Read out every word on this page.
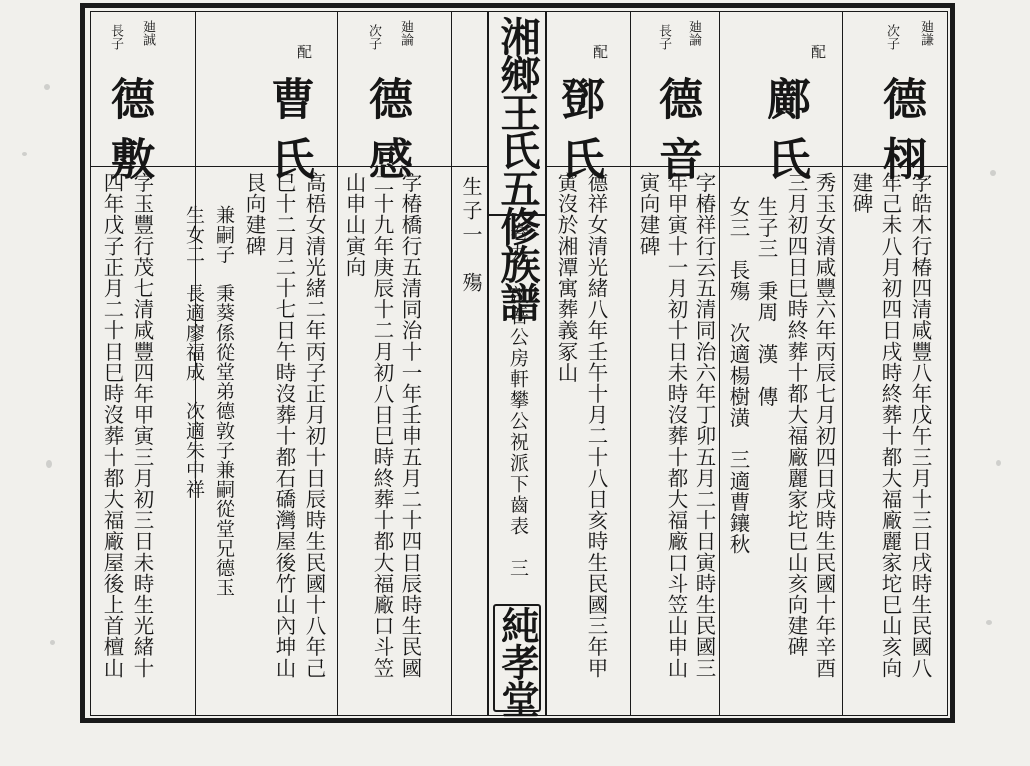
湘鄉王氏五修族譜
卷九　啟吾公房軒攀公祝派下齒表　三
純孝堂
廸謙
次子
德栩
字皓木行椿四清咸豐八年戊午三月十三日戌時生民國八
年己未八月初四日戌時終葬十都大福廠麗家坨巳山亥向
建碑
配
鄺氏
秀玉女清咸豐六年丙辰七月初四日戌時生民國十年辛酉
三月初四日巳時終葬十都大福廠麗家坨巳山亥向建碑
生子三　秉周　漢　傳
女三　長殤　次適楊樹潢　三適曹鑲秋
廸論
長子
德音
字椿祥行云五清同治六年丁卯五月二十日寅時生民國三
年甲寅十一月初十日未時沒葬十都大福廠口斗笠山申山
寅向建碑
配
鄧氏
德祥女清光緒八年壬午十月二十八日亥時生民國三年甲
寅沒於湘潭寓葬義冢山
生子一　殤
廸論
次子
德感
字椿橋行五清同治十一年壬申五月二十四日辰時生民國
二十九年庚辰十二月初八日巳時終葬十都大福廠口斗笠
山申山寅向
配
曹氏
高梧女清光緒二年丙子正月初十日辰時生民國十八年己
巳十二月二十七日午時沒葬十都石礄灣屋後竹山內坤山
艮向建碑
兼嗣子　秉葵係從堂弟德敦子兼嗣從堂兄德玉
生女二　長適廖福成　次適朱中祥
廸誠
長子
德敷
字玉豐行茂七清咸豐四年甲寅三月初三日未時生光緒十
四年戊子正月二十日巳時沒葬十都大福廠屋後上首檀山
